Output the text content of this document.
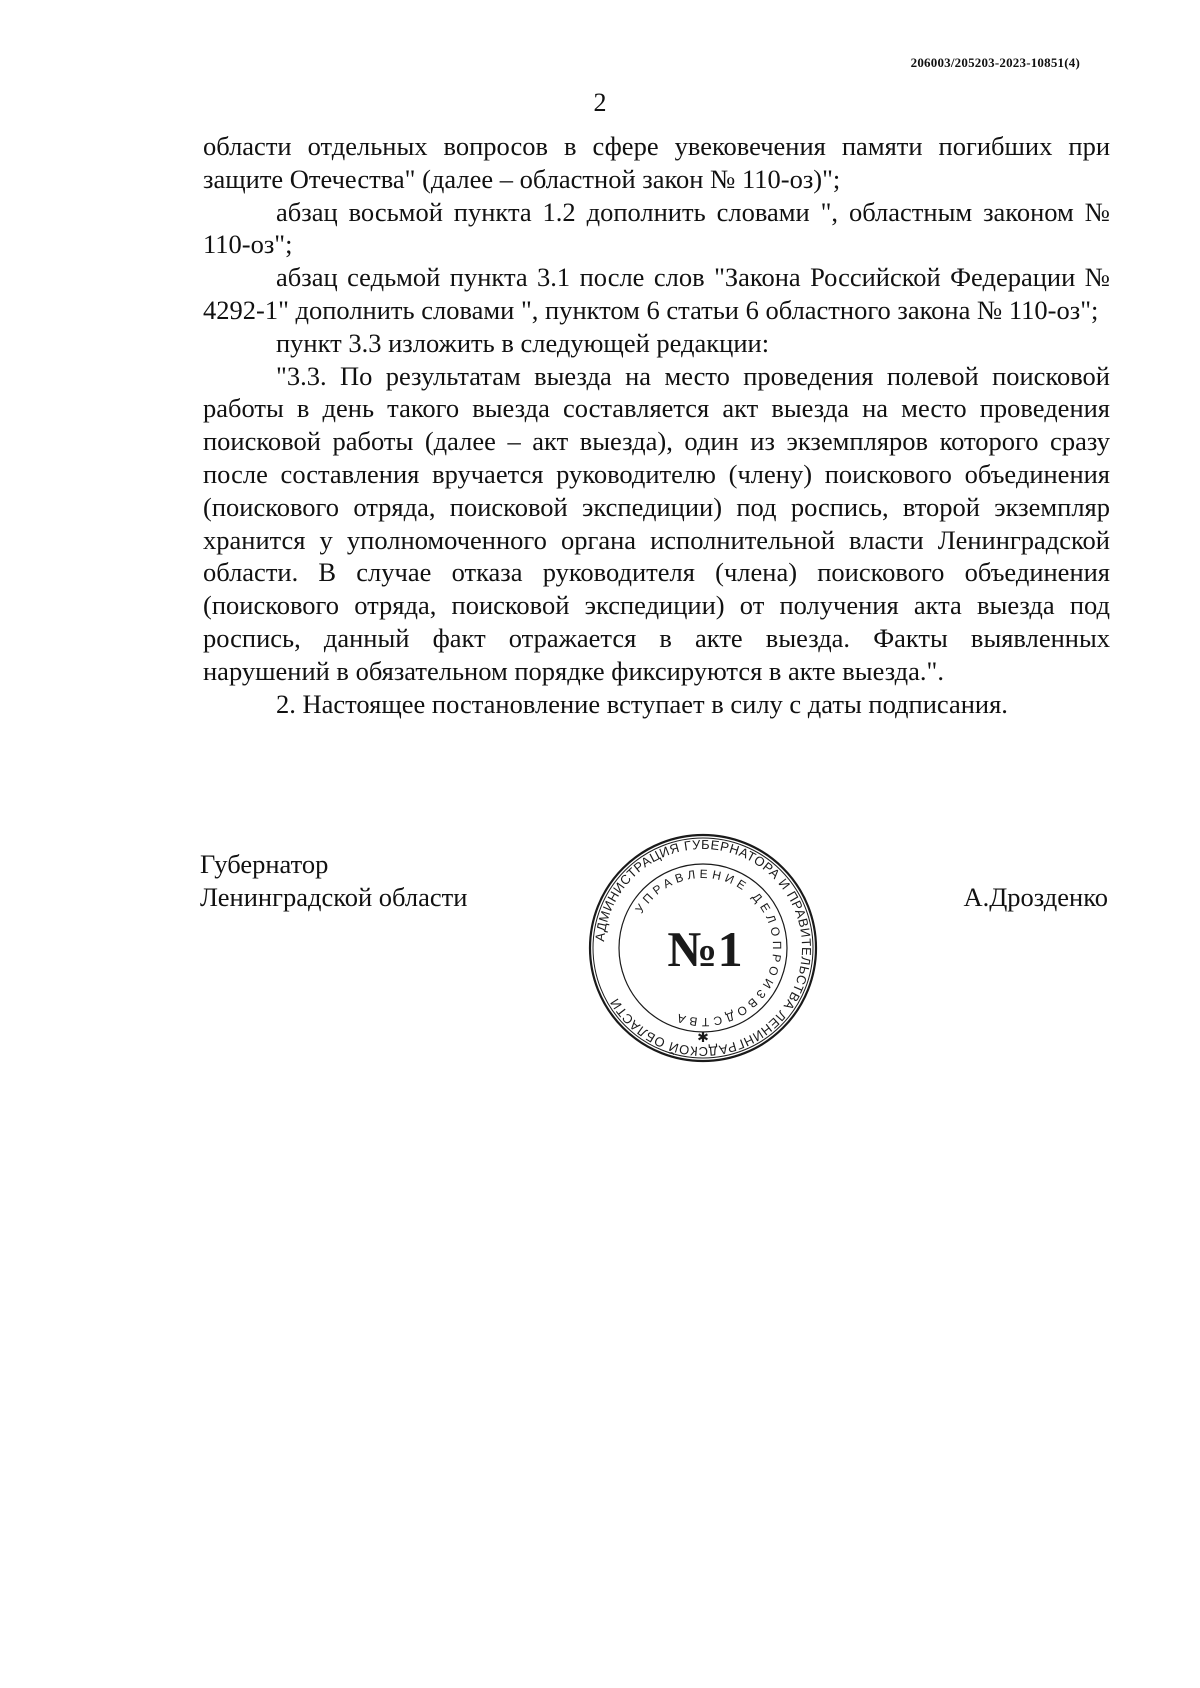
206003/205203-2023-10851(4)
2

области отдельных вопросов в сфере увековечения памяти погибших при защите Отечества" (далее – областной закон № 110-оз)";

абзац восьмой пункта 1.2 дополнить словами ", областным законом № 110-оз";

абзац седьмой пункта 3.1 после слов "Закона Российской Федерации № 4292-1" дополнить словами ", пунктом 6 статьи 6 областного закона № 110-оз";

пункт 3.3 изложить в следующей редакции:

"3.3. По результатам выезда на место проведения полевой поисковой работы в день такого выезда составляется акт выезда на место проведения поисковой работы (далее – акт выезда), один из экземпляров которого сразу после составления вручается руководителю (члену) поискового объединения (поискового отряда, поисковой экспедиции) под роспись, второй экземпляр хранится у уполномоченного органа исполнительной власти Ленинградской области. В случае отказа руководителя (члена) поискового объединения (поискового отряда, поисковой экспедиции) от получения акта выезда под роспись, данный факт отражается в акте выезда. Факты выявленных нарушений в обязательном порядке фиксируются в акте выезда.".

2. Настоящее постановление вступает в силу с даты подписания.

Губернатор
Ленинградской области	А.Дрозденко
АДМИНИСТРАЦИЯ ГУБЕРНАТОРА И ПРАВИТЕЛЬСТВА ЛЕНИНГРАДСКОЙ ОБЛАСТИ
УПРАВЛЕНИЕ ДЕЛОПРОИЗВОДСТВА
№1
✱
